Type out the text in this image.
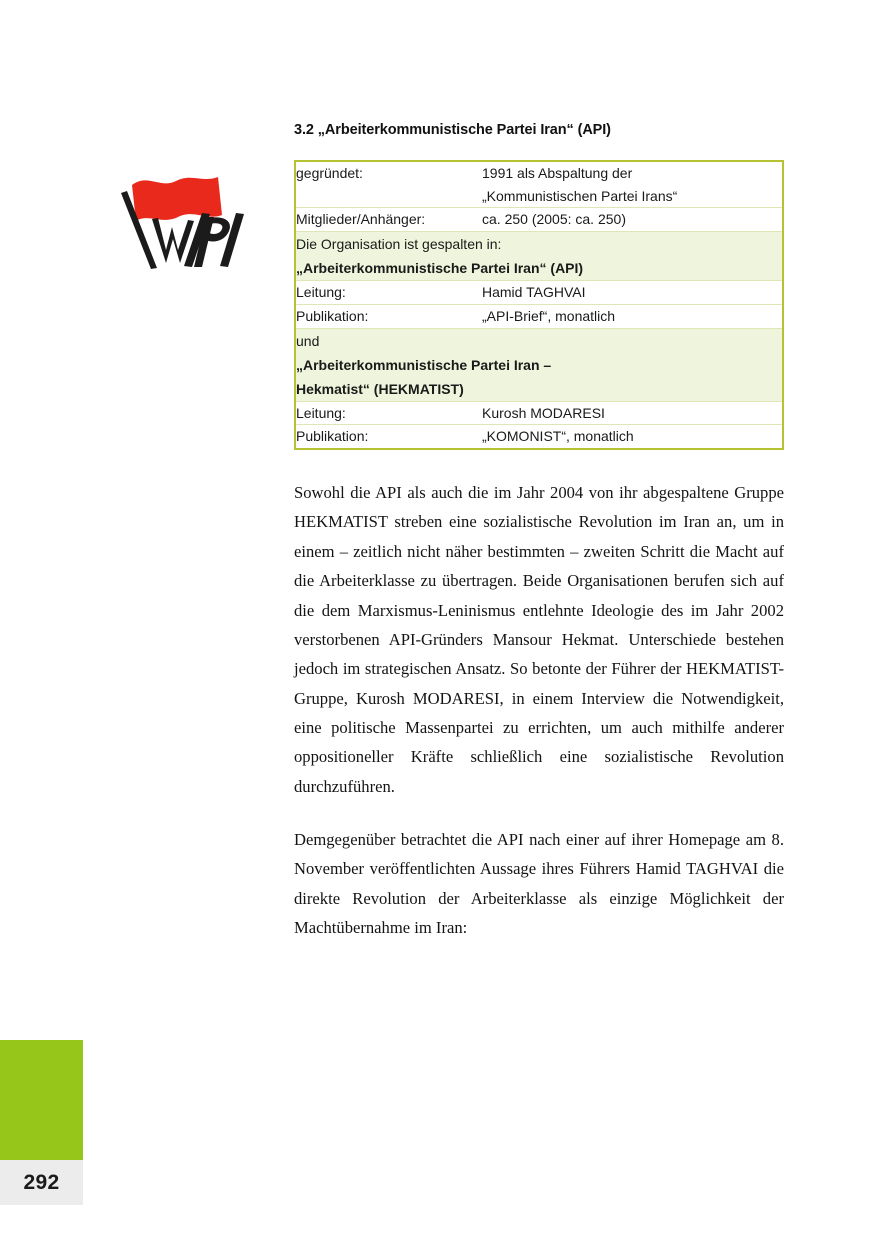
292
3.2 „Arbeiterkommunistische Partei Iran“ (API)
gegründet:	1991 als Abspaltung der
„Kommunistischen Partei Irans“

Mitglieder/Anhänger:	ca. 250 (2005: ca. 250)

Die Organisation ist gespalten in:
„Arbeiterkommunistische Partei Iran“ (API)	

Leitung:	Hamid TAGHVAI

Publikation:	„API-Brief“, monatlich

und
„Arbeiterkommunistische Partei Iran –
Hekmatist“ (HEKMATIST)	

Leitung:	Kurosh MODARESI

Publikation:	„KOMONIST“, monatlich

Sowohl die API als auch die im Jahr 2004 von ihr abgespaltene Gruppe HEKMATIST streben eine sozialistische Revolution im Iran an, um in einem – zeitlich nicht näher bestimmten – zweiten Schritt die Macht auf die Arbeiterklasse zu übertragen. Beide Organisationen berufen sich auf die dem Marxismus-Leninismus entlehnte Ideologie des im Jahr 2002 verstorbenen API-Gründers Mansour Hekmat. Unterschiede bestehen jedoch im strategischen Ansatz. So betonte der Führer der HEKMATIST-Gruppe, Kurosh MODARESI, in einem Interview die Notwendigkeit, eine politische Massenpartei zu errichten, um auch mithilfe anderer oppositioneller Kräfte schließlich eine sozialistische Revolution durchzuführen.

Demgegenüber betrachtet die API nach einer auf ihrer Homepage am 8. November veröffentlichten Aussage ihres Führers Hamid TAGHVAI die direkte Revolution der Arbeiterklasse als einzige Möglichkeit der Machtübernahme im Iran:
